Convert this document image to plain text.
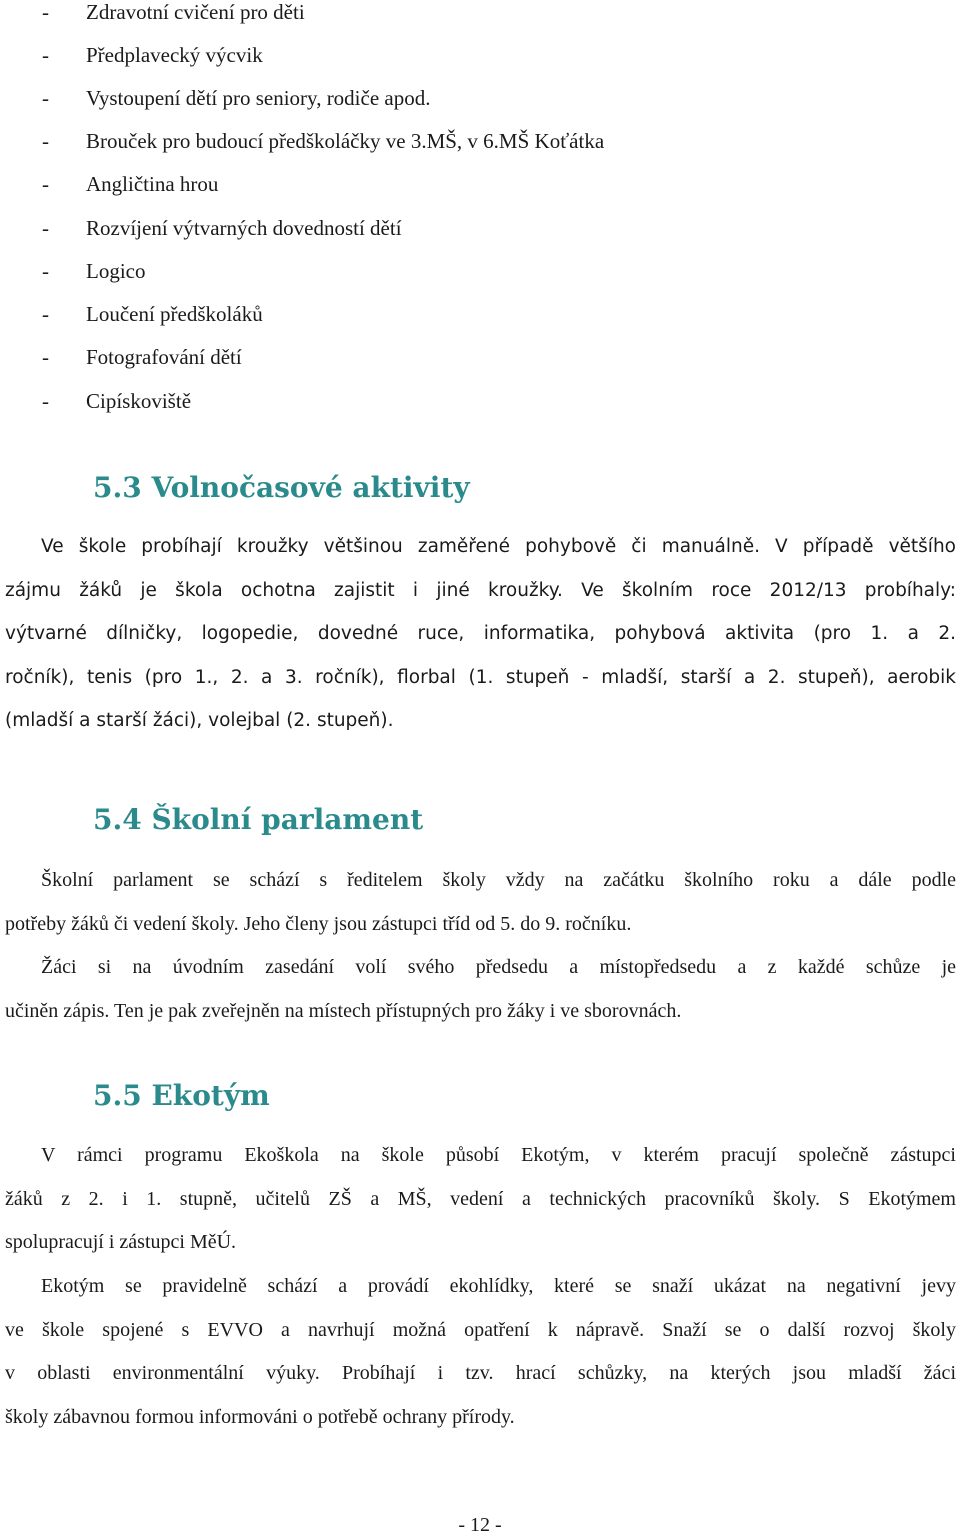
- Zdravotní cvičení pro děti
- Předplavecký výcvik
- Vystoupení dětí pro seniory, rodiče apod.
- Brouček pro budoucí předškoláčky ve 3.MŠ, v 6.MŠ Koťátka
- Angličtina hrou
- Rozvíjení výtvarných dovedností dětí
- Logico
- Loučení předškoláků
- Fotografování dětí
- Cipískoviště
5.3 Volnočasové aktivity
Ve škole probíhají kroužky většinou zaměřené pohybově či manuálně. V případě většího
zájmu žáků je škola ochotna zajistit i jiné kroužky. Ve školním roce 2012/13 probíhaly:
výtvarné dílničky, logopedie, dovedné ruce, informatika, pohybová aktivita (pro 1. a 2.
ročník), tenis (pro 1., 2. a 3. ročník), florbal (1. stupeň - mladší, starší a 2. stupeň), aerobik
(mladší a starší žáci), volejbal (2. stupeň).
5.4 Školní parlament
Školní parlament se schází s ředitelem školy vždy na začátku školního roku a dále podle
potřeby žáků či vedení školy. Jeho členy jsou zástupci tříd od 5. do 9. ročníku.
Žáci si na úvodním zasedání volí svého předsedu a místopředsedu a z každé schůze je
učiněn zápis. Ten je pak zveřejněn na místech přístupných pro žáky i ve sborovnách.
5.5 Ekotým
V rámci programu Ekoškola na škole působí Ekotým, v kterém pracují společně zástupci
žáků z 2. i 1. stupně, učitelů ZŠ a MŠ, vedení a technických pracovníků školy. S Ekotýmem
spolupracují i zástupci MěÚ.
Ekotým se pravidelně schází a provádí ekohlídky, které se snaží ukázat na negativní jevy
ve škole spojené s EVVO a navrhují možná opatření k nápravě. Snaží se o další rozvoj školy
v oblasti environmentální výuky. Probíhají i tzv. hrací schůzky, na kterých jsou mladší žáci
školy zábavnou formou informováni o potřebě ochrany přírody.
- 12 -
